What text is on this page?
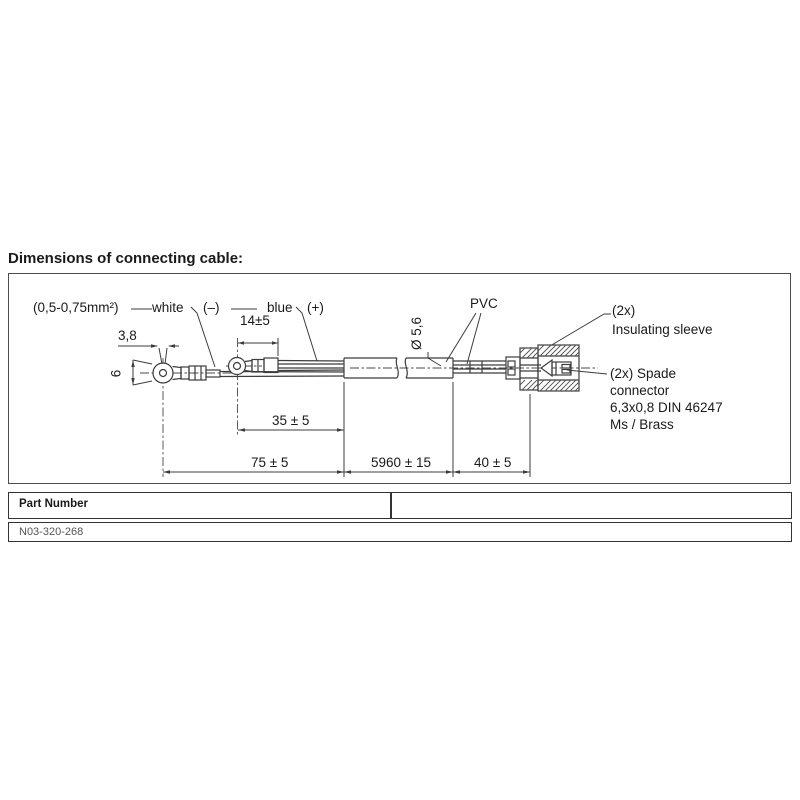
Dimensions of connecting cable:
(0,5-0,75mm²) white (–)	blue (+)
14±5
3,8
6
PVC
Ø 5,6
(2x)
Insulating sleeve
(2x) Spade
connector
6,3x0,8 DIN 46247
Ms / Brass
35 ± 5
75 ± 5	5960 ± 15	40 ± 5
Part Number
N03-320-268
